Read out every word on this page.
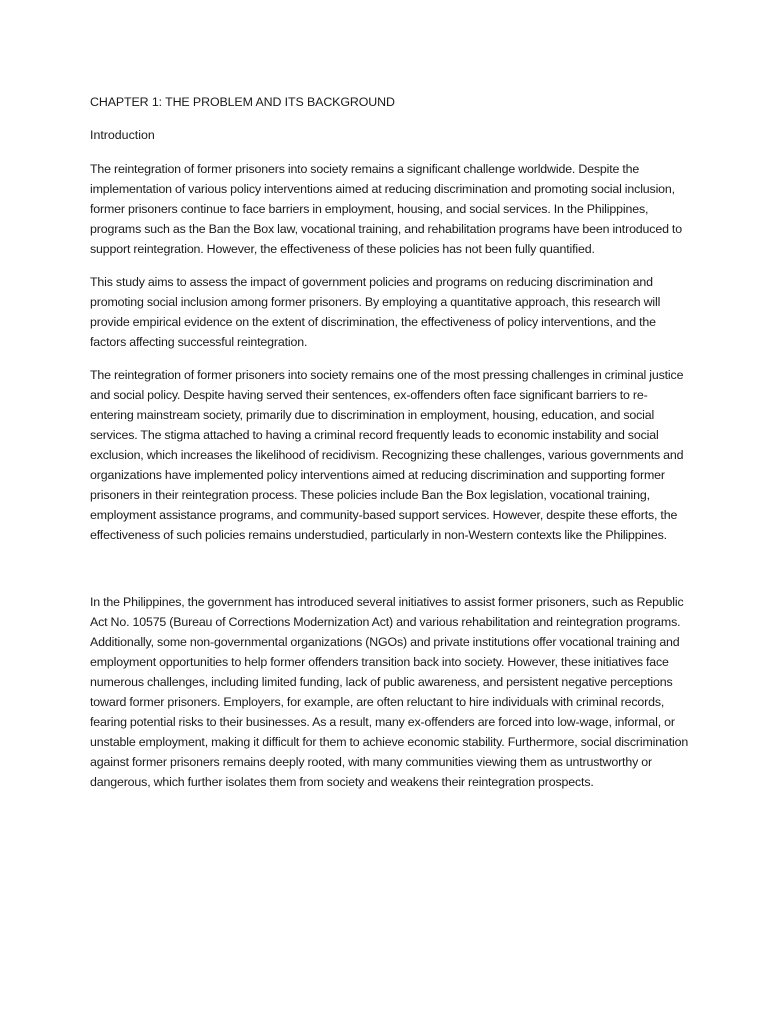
CHAPTER 1: THE PROBLEM AND ITS BACKGROUND
Introduction

The reintegration of former prisoners into society remains a significant challenge worldwide. Despite the implementation of various policy interventions aimed at reducing discrimination and promoting social inclusion, former prisoners continue to face barriers in employment, housing, and social services. In the Philippines, programs such as the Ban the Box law, vocational training, and rehabilitation programs have been introduced to support reintegration. However, the effectiveness of these policies has not been fully quantified.

This study aims to assess the impact of government policies and programs on reducing discrimination and promoting social inclusion among former prisoners. By employing a quantitative approach, this research will provide empirical evidence on the extent of discrimination, the effectiveness of policy interventions, and the factors affecting successful reintegration.

The reintegration of former prisoners into society remains one of the most pressing challenges in criminal justice and social policy. Despite having served their sentences, ex-offenders often face significant barriers to re-entering mainstream society, primarily due to discrimination in employment, housing, education, and social services. The stigma attached to having a criminal record frequently leads to economic instability and social exclusion, which increases the likelihood of recidivism. Recognizing these challenges, various governments and organizations have implemented policy interventions aimed at reducing discrimination and supporting former prisoners in their reintegration process. These policies include Ban the Box legislation, vocational training, employment assistance programs, and community-based support services. However, despite these efforts, the effectiveness of such policies remains understudied, particularly in non-Western contexts like the Philippines.

In the Philippines, the government has introduced several initiatives to assist former prisoners, such as Republic Act No. 10575 (Bureau of Corrections Modernization Act) and various rehabilitation and reintegration programs. Additionally, some non-governmental organizations (NGOs) and private institutions offer vocational training and employment opportunities to help former offenders transition back into society. However, these initiatives face numerous challenges, including limited funding, lack of public awareness, and persistent negative perceptions toward former prisoners. Employers, for example, are often reluctant to hire individuals with criminal records, fearing potential risks to their businesses. As a result, many ex-offenders are forced into low-wage, informal, or unstable employment, making it difficult for them to achieve economic stability. Furthermore, social discrimination against former prisoners remains deeply rooted, with many communities viewing them as untrustworthy or dangerous, which further isolates them from society and weakens their reintegration prospects.
